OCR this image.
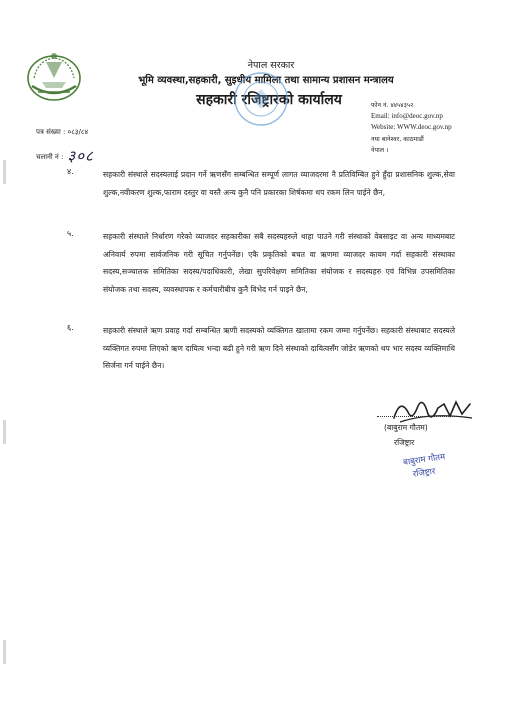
नेपाल सरकार
भूमि व्यवस्था,सहकारी, सुइधीय मामिला तथा सामान्य प्रशासन मन्त्रालय
सहकारी रजिष्ट्रारको कार्यालय	फोन नं. ४४५४३५२
Email: info@deoc.gov.np
Website: WWW.deoc.gov.np
नया बानेश्वर, काठमाडौं
नेपाल ।
पत्र संख्या : ०८३/८४
चलानी नं : ३०८
४.	सहकारी संस्थाले सदस्यलाई प्रदान गर्ने ऋणसँग सम्बन्धित सम्पूर्ण लागत व्याजदरमा नै प्रतिविम्बित हुने हुँदा प्रशासनिक शुल्क,सेवा शुल्क,नवीकरण शुल्क,फाराम दस्तुर वा यस्तै अन्य कुनै पनि प्रकारका शिर्षकमा थप रकम लिन पाईने छैन,

५.	सहकारी संस्थाले निर्धारण गरेको व्याजदर सहकारीका सबै सदस्यहरुले थाहा पाउने गरी संस्थाको वेबसाइट वा अन्य माध्यमबाट अनिवार्य रुपमा सार्वजनिक गरी सूचित गर्नुपर्नेछ। एकै प्रकृतिको बचत वा ऋणमा व्याजदर कायम गर्दा सहकारी संस्थाका सदस्य,सञ्चालक समितिका सदस्य/पदाधिकारी, लेखा सुपरिवेक्षण समितिका संयोजक र सदस्यहरु एवं विभिन्न उपसमितिका संयोजक तथा सदस्य, व्यवस्थापक र कर्मचारीबीच कुनै विभेद गर्न पाइने छैन,

६.	सहकारी संस्थाले ऋण प्रवाह गर्दा सम्बन्धित ऋणी सदस्यको व्यक्तिगत खातामा रकम जम्मा गर्नुपर्नेछ। सहकारी संस्थाबाट सदस्यले व्यक्तिगत रुपमा लिएको ऋण दायित्व भन्दा बढी हुने गरी ऋण दिने संस्थाको दायित्वसँग जोडेर ऋणको थप भार सदस्य व्यक्तिमाथि सिर्जना गर्न पाईने छैन।

(बाबुराम गौतम)
रजिष्ट्रार
बाबुराम गौतम
रजिष्ट्रार
